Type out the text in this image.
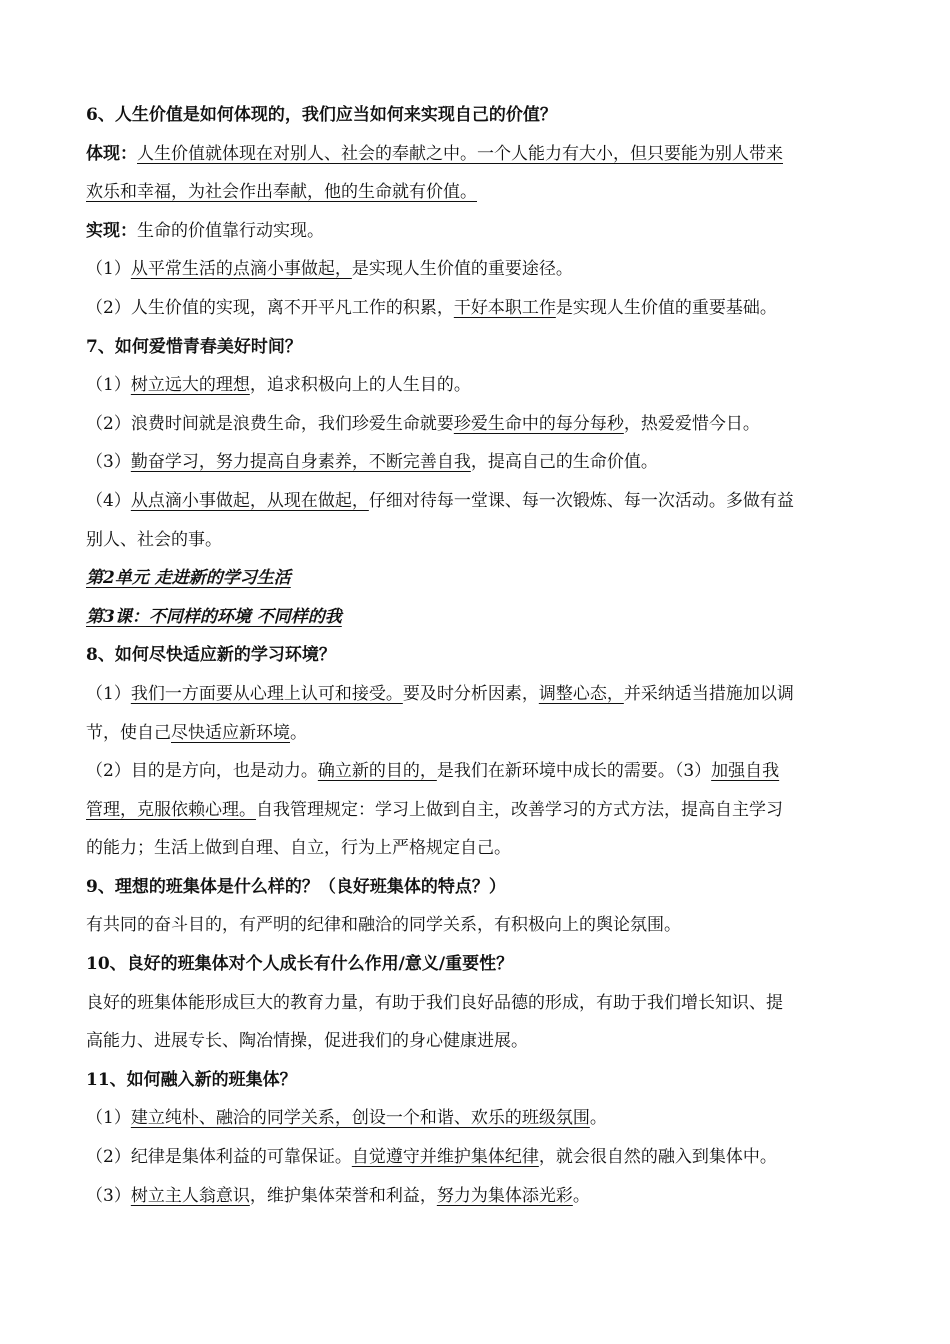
6、人生价值是如何体现的，我们应当如何来实现自己的价值？
体现：人生价值就体现在对别人、社会的奉献之中。一个人能力有大小，但只要能为别人带来
欢乐和幸福，为社会作出奉献，他的生命就有价值。
实现：生命的价值靠行动实现。
（1）从平常生活的点滴小事做起，是实现人生价值的重要途径。
（2）人生价值的实现，离不开平凡工作的积累，干好本职工作是实现人生价值的重要基础。
7、如何爱惜青春美好时间？
（1）树立远大的理想，追求积极向上的人生目的。
（2）浪费时间就是浪费生命，我们珍爱生命就要珍爱生命中的每分每秒，热爱爱惜今日。
（3）勤奋学习，努力提高自身素养，不断完善自我，提高自己的生命价值。
（4）从点滴小事做起，从现在做起，仔细对待每一堂课、每一次锻炼、每一次活动。多做有益
别人、社会的事。
第2单元 走进新的学习生活
第3课：不同样的环境 不同样的我
8、如何尽快适应新的学习环境？
（1）我们一方面要从心理上认可和接受。要及时分析因素，调整心态，并采纳适当措施加以调
节，使自己尽快适应新环境。
（2）目的是方向，也是动力。确立新的目的，是我们在新环境中成长的需要。（3）加强自我
管理，克服依赖心理。自我管理规定：学习上做到自主，改善学习的方式方法，提高自主学习
的能力；生活上做到自理、自立，行为上严格规定自己。
9、理想的班集体是什么样的？（良好班集体的特点？）
有共同的奋斗目的，有严明的纪律和融洽的同学关系，有积极向上的舆论氛围。
10、良好的班集体对个人成长有什么作用/意义/重要性？
良好的班集体能形成巨大的教育力量，有助于我们良好品德的形成，有助于我们增长知识、提
高能力、进展专长、陶冶情操，促进我们的身心健康进展。
11、如何融入新的班集体？
（1）建立纯朴、融洽的同学关系，创设一个和谐、欢乐的班级氛围。
（2）纪律是集体利益的可靠保证。自觉遵守并维护集体纪律，就会很自然的融入到集体中。
（3）树立主人翁意识，维护集体荣誉和利益，努力为集体添光彩。
